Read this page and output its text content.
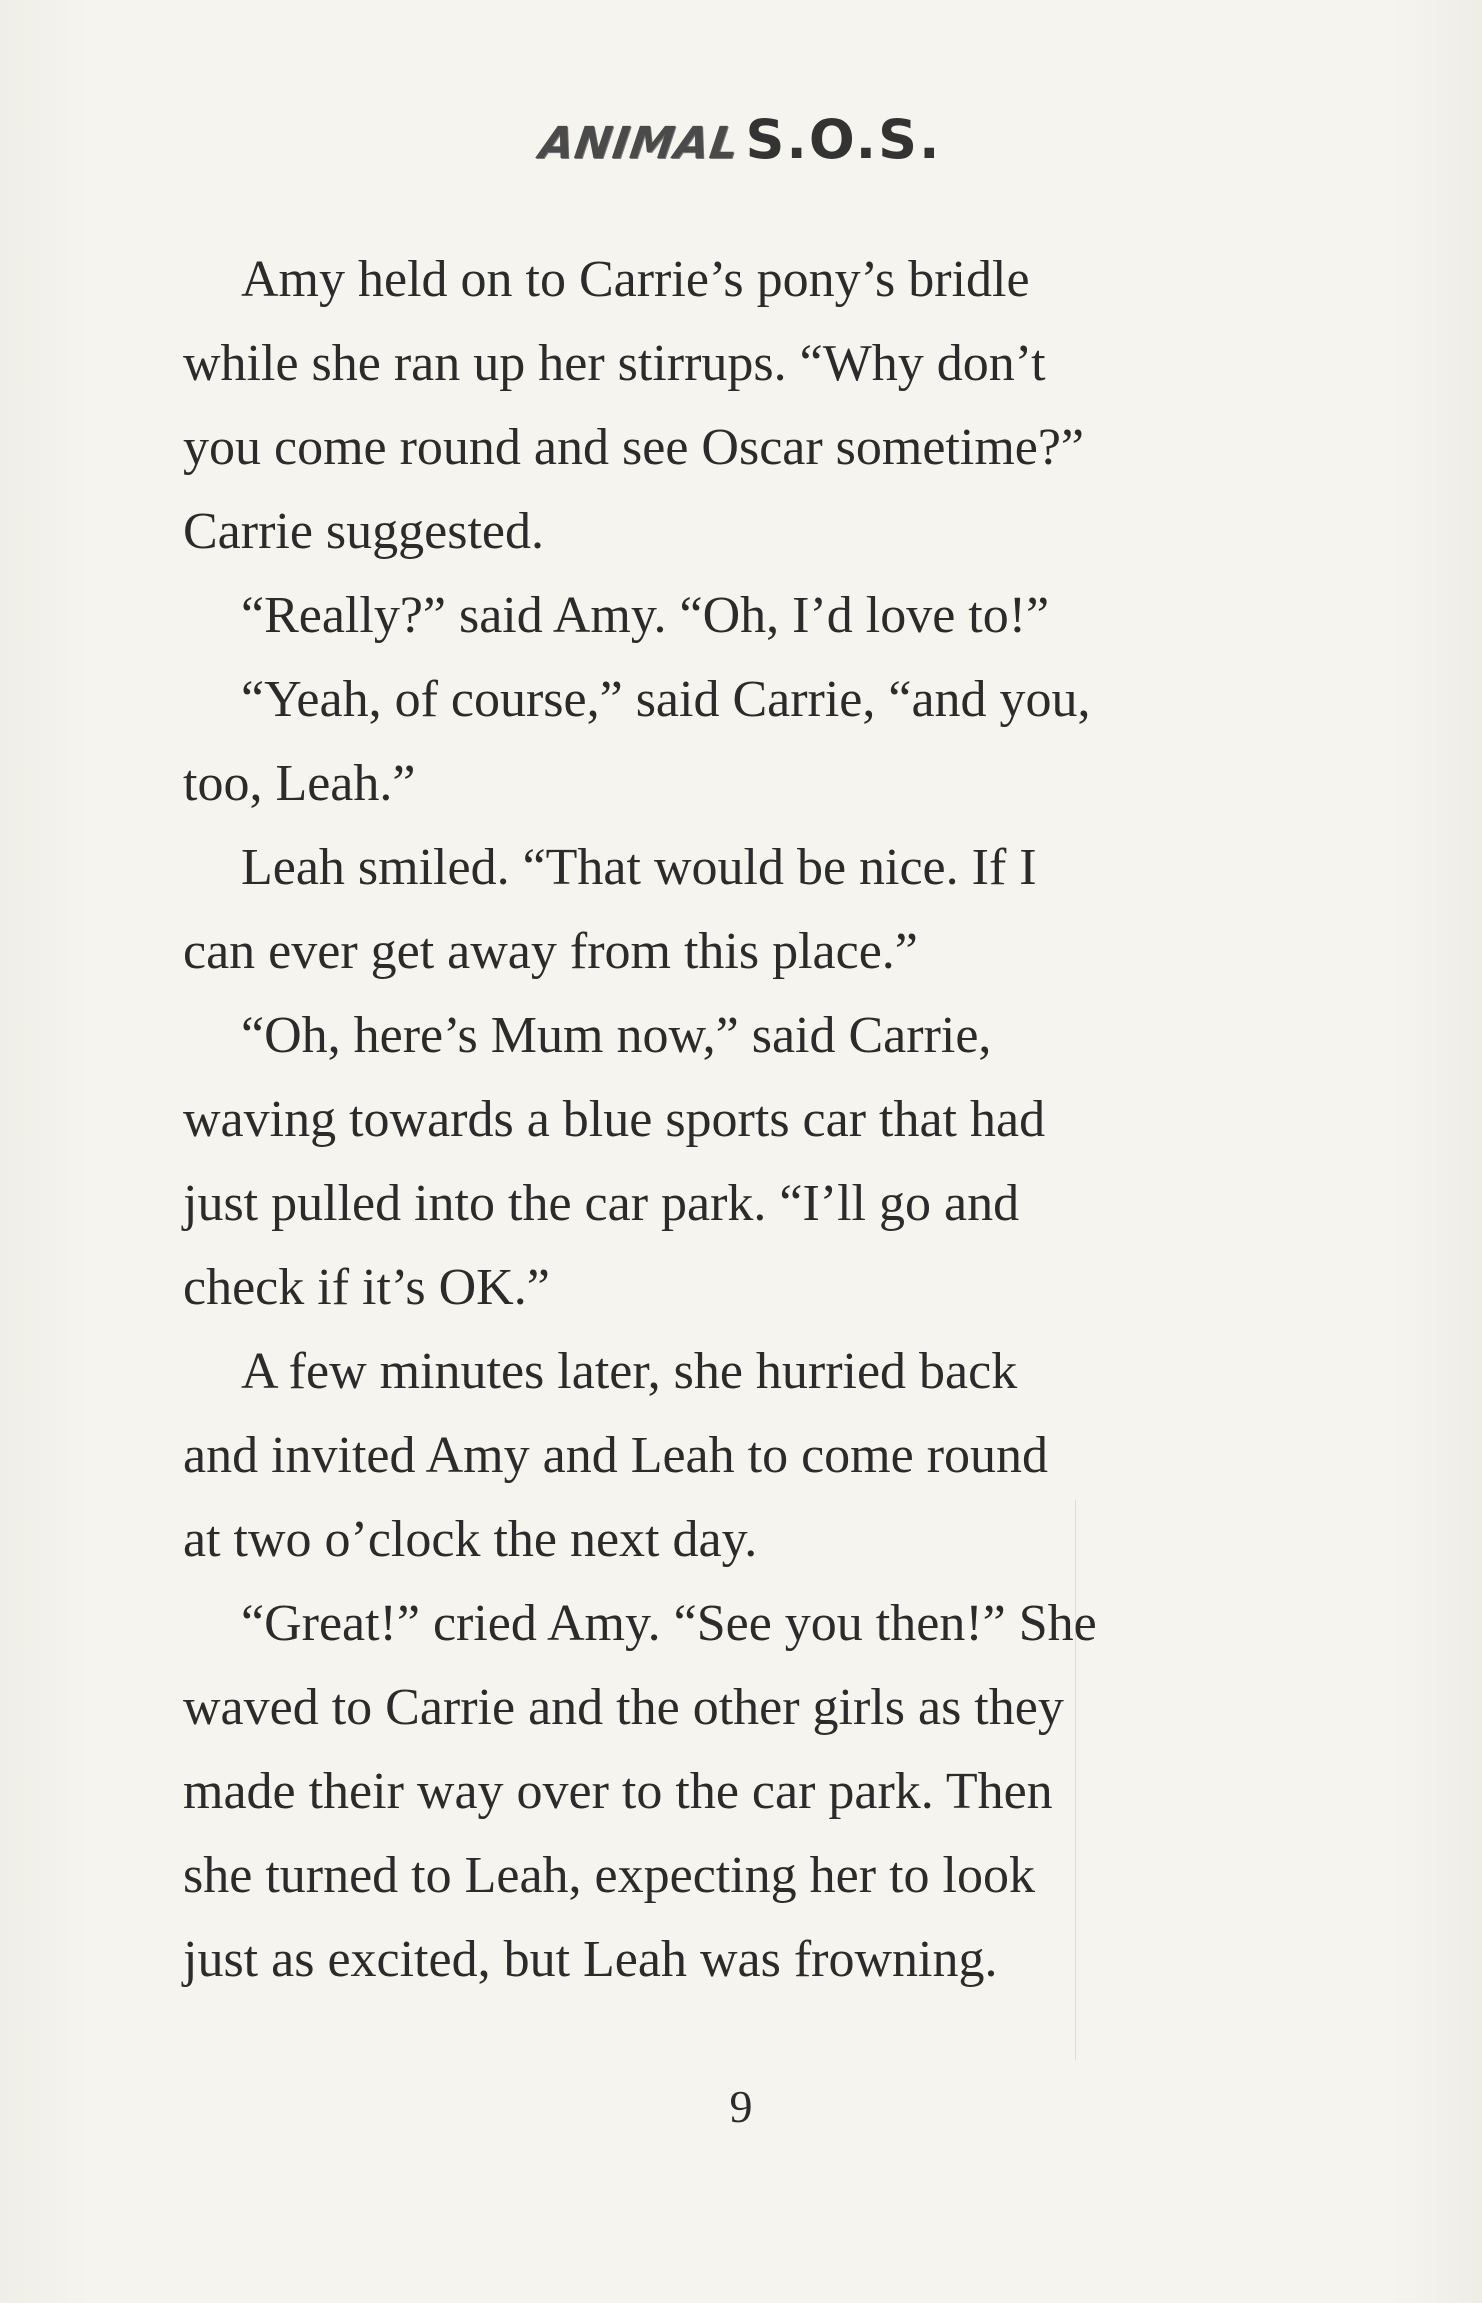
ANIMALS.O.S.
Amy held on to Carrie’s pony’s bridle
while she ran up her stirrups. “Why don’t
you come round and see Oscar sometime?”
Carrie suggested.
“Really?” said Amy. “Oh, I’d love to!”
“Yeah, of course,” said Carrie, “and you,
too, Leah.”
Leah smiled. “That would be nice. If I
can ever get away from this place.”
“Oh, here’s Mum now,” said Carrie,
waving towards a blue sports car that had
just pulled into the car park. “I’ll go and
check if it’s OK.”
A few minutes later, she hurried back
and invited Amy and Leah to come round
at two o’clock the next day.
“Great!” cried Amy. “See you then!” She
waved to Carrie and the other girls as they
made their way over to the car park. Then
she turned to Leah, expecting her to look
just as excited, but Leah was frowning.
9
